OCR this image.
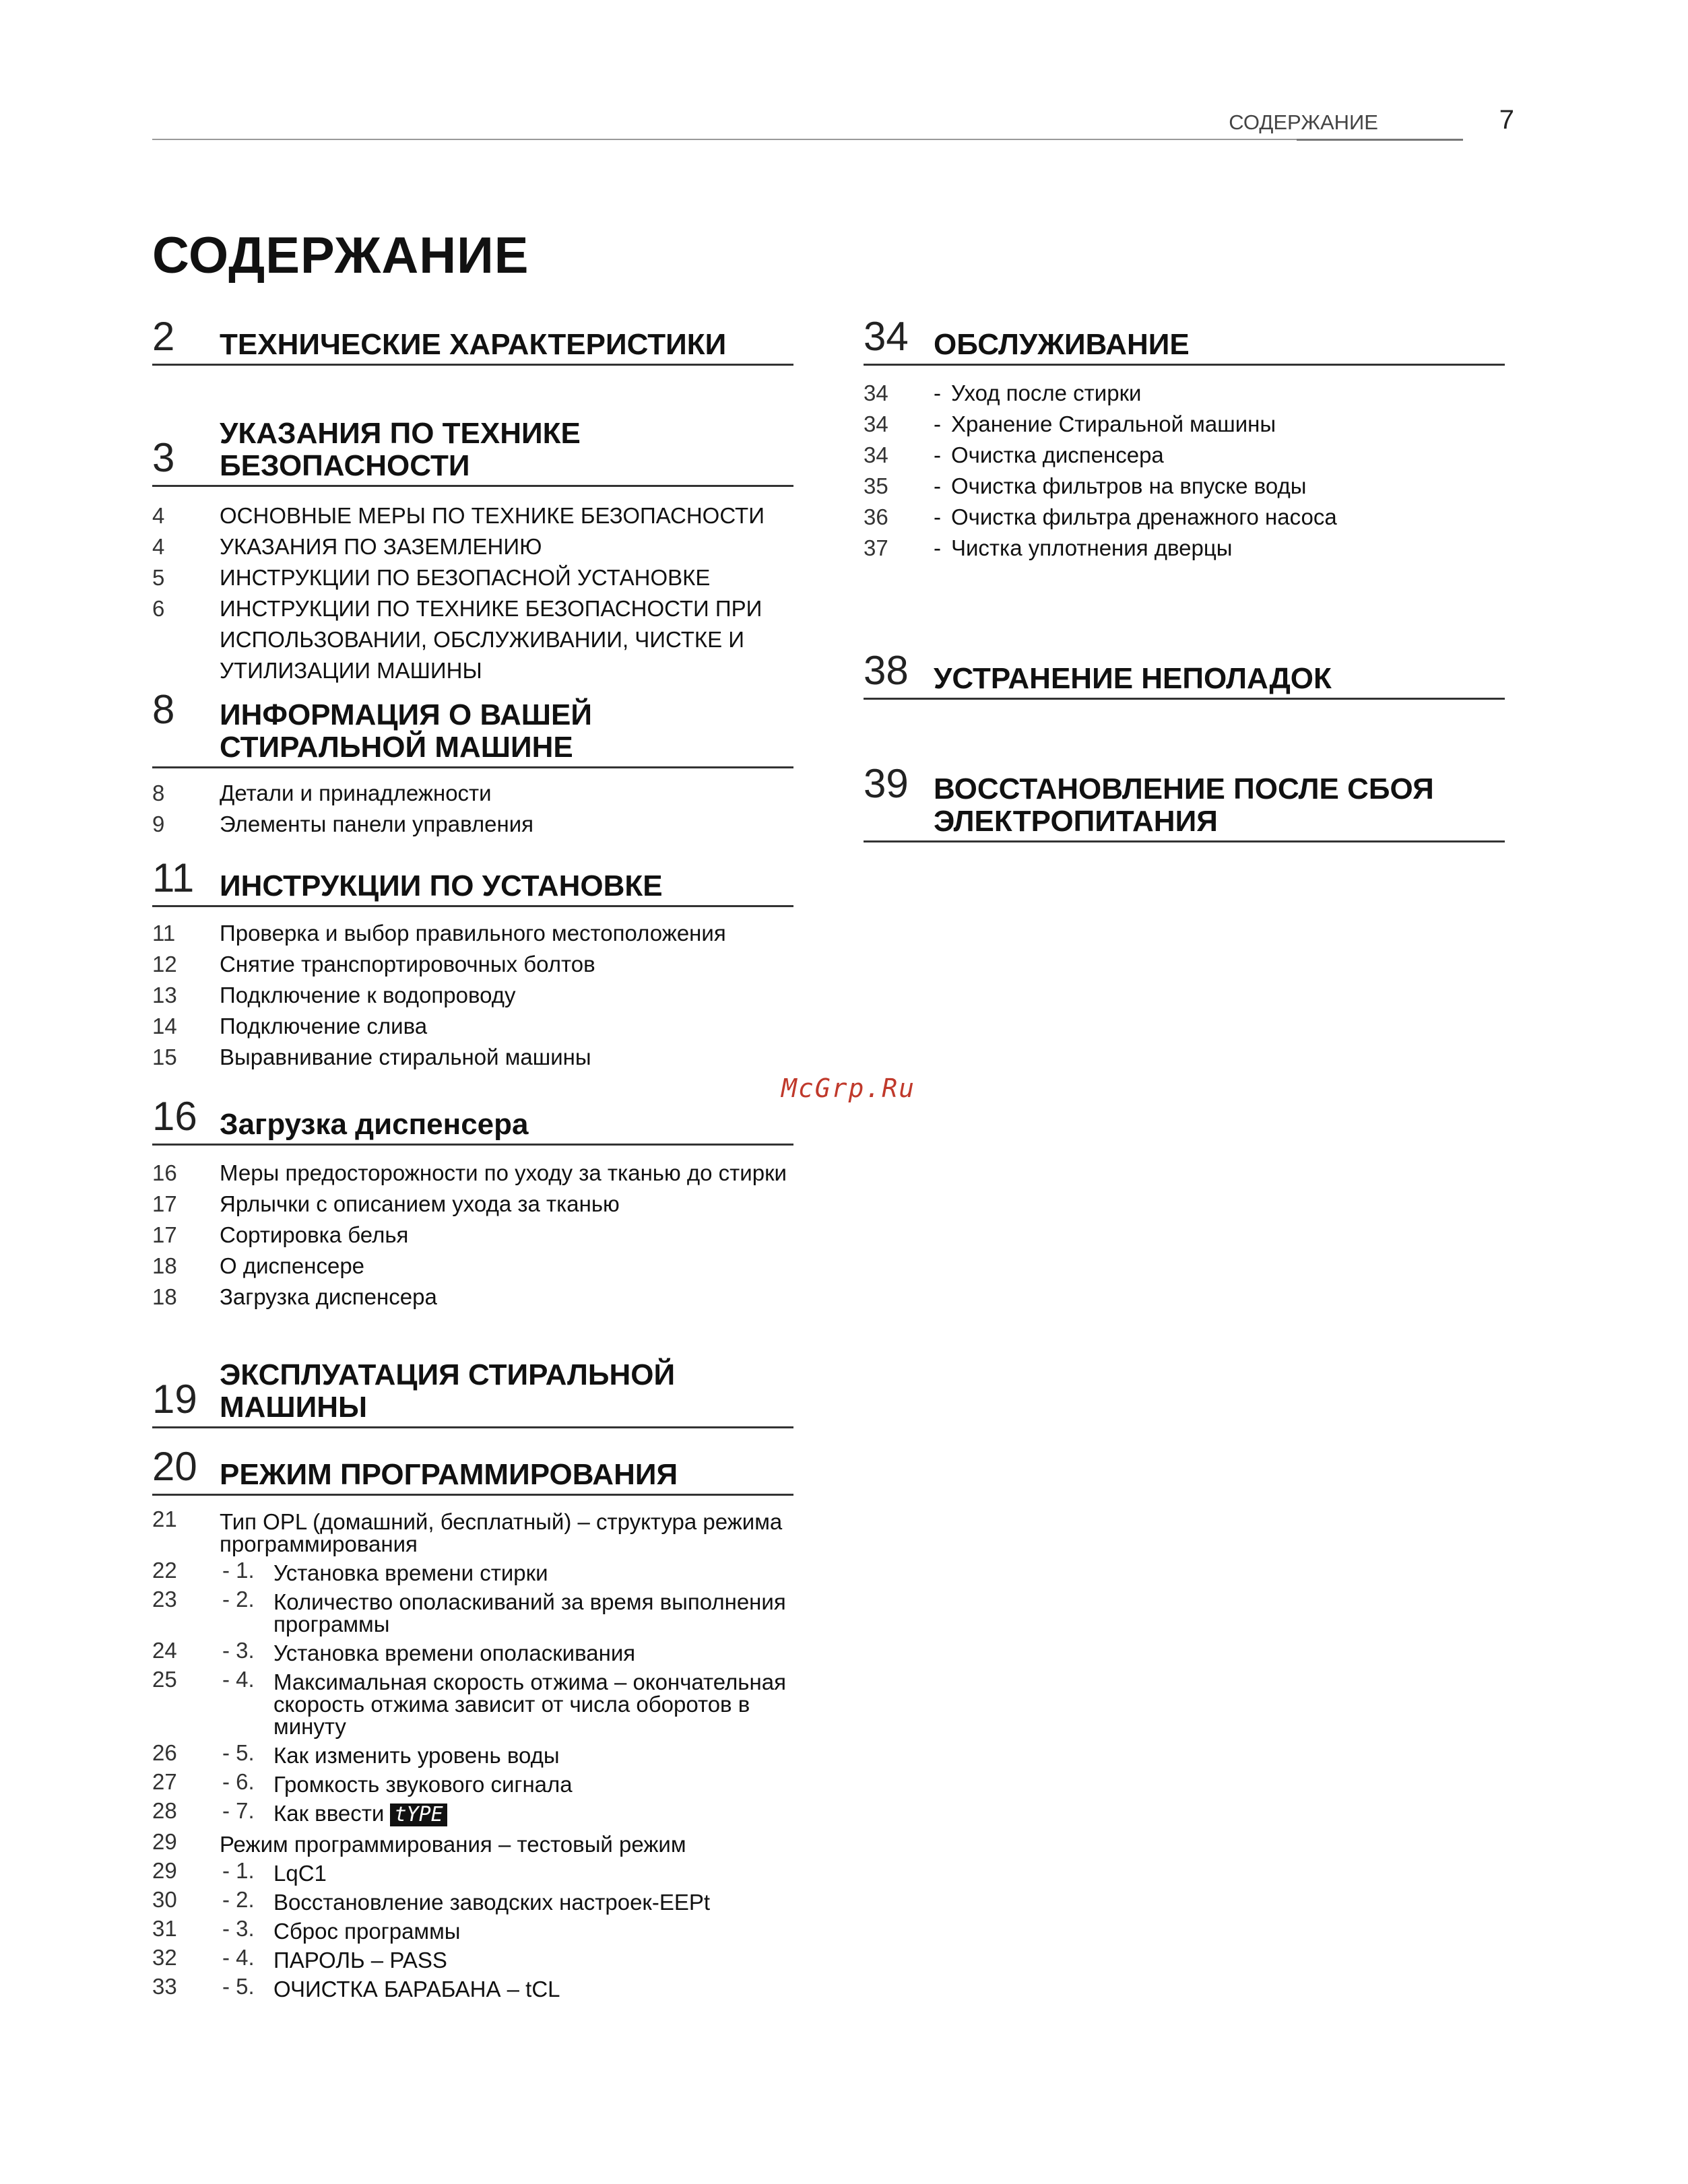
СОДЕРЖАНИЕ	7
СОДЕРЖАНИЕ
McGrp.Ru
2 ТЕХНИЧЕСКИЕ ХАРАКТЕРИСТИКИ
3
УКАЗАНИЯ ПО ТЕХНИКЕ БЕЗОПАСНОСТИ
4 ОСНОВНЫЕ МЕРЫ ПО ТЕХНИКЕ БЕЗОПАСНОСТИ
4 УКАЗАНИЯ ПО ЗАЗЕМЛЕНИЮ
5 ИНСТРУКЦИИ ПО БЕЗОПАСНОЙ УСТАНОВКЕ
6 ИНСТРУКЦИИ ПО ТЕХНИКЕ БЕЗОПАСНОСТИ ПРИ ИСПОЛЬЗОВАНИИ, ОБСЛУЖИВАНИИ, ЧИСТКЕ И УТИЛИЗАЦИИ МАШИНЫ
8 ИНФОРМАЦИЯ О ВАШЕЙ СТИРАЛЬНОЙ МАШИНЕ
8 Детали и принадлежности
9 Элементы панели управления
11 ИНСТРУКЦИИ ПО УСТАНОВКЕ
11 Проверка и выбор правильного местоположения
12 Снятие транспортировочных болтов
13 Подключение к водопроводу
14 Подключение слива
15 Выравнивание стиральной машины
16 Загрузка диспенсера
16 Меры предосторожности по уходу за тканью до стирки
17 Ярлычки с описанием ухода за тканью
17 Сортировка белья
18 О диспенсере
18 Загрузка диспенсера
19
ЭКСПЛУАТАЦИЯ СТИРАЛЬНОЙ МАШИНЫ
20 РЕЖИМ ПРОГРАММИРОВАНИЯ
21 Тип OPL (домашний, бесплатный) – структура режима программирования
22 - 1. Установка времени стирки
23 - 2. Количество ополаскиваний за время выполнения программы
24 - 3. Установка времени ополаскивания
25 - 4. Максимальная скорость отжима – окончательная скорость отжима зависит от числа оборотов в минуту
26 - 5. Как изменить уровень воды
27 - 6. Громкость звукового сигнала
28 - 7. Как ввести tYPE
29 Режим программирования – тестовый режим
29 - 1. LqC1
30 - 2. Восстановление заводских настроек-EEPt
31 - 3. Сброс программы
32 - 4. ПАРОЛЬ – PASS
33 - 5. ОЧИСТКА БАРАБАНА – tCL
34 ОБСЛУЖИВАНИЕ
34 - Уход после стирки
34 - Хранение Стиральной машины
34 - Очистка диспенсера
35 - Очистка фильтров на впуске воды
36 - Очистка фильтра дренажного насоса
37 - Чистка уплотнения дверцы
38 УСТРАНЕНИЕ НЕПОЛАДОК
39 ВОССТАНОВЛЕНИЕ ПОСЛЕ СБОЯ ЭЛЕКТРОПИТАНИЯ
